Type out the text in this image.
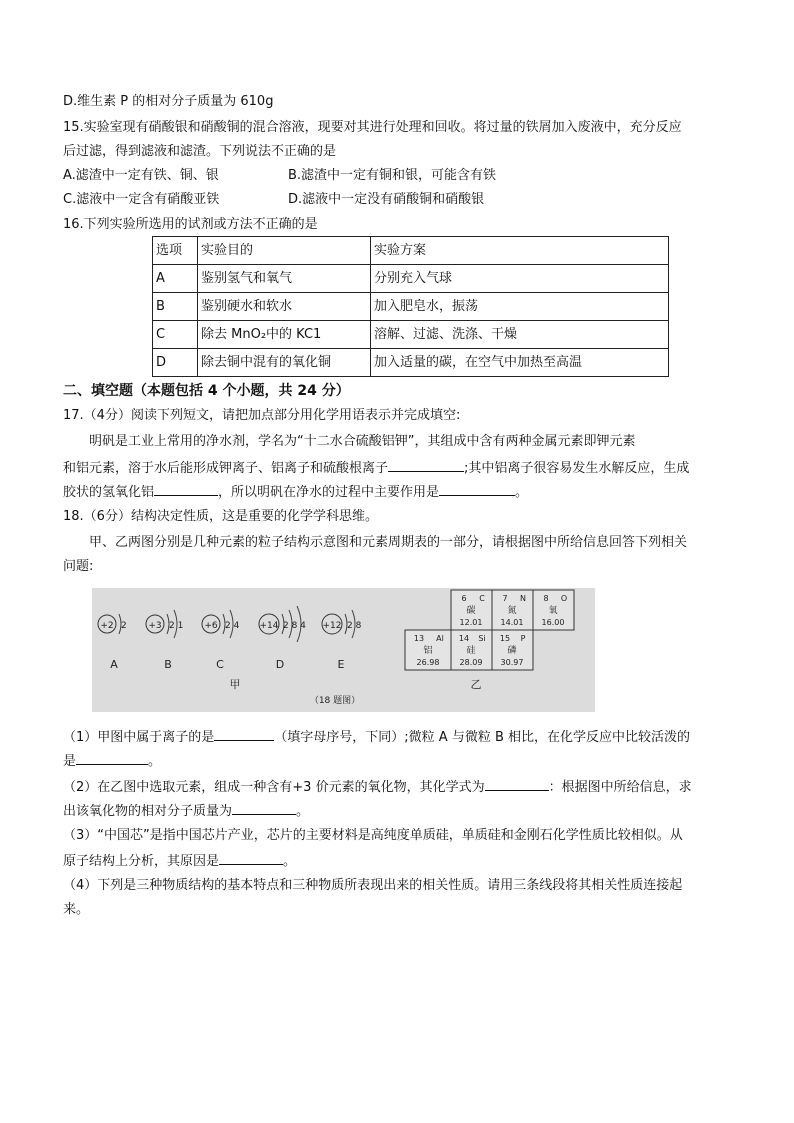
D.维生素 P 的相对分子质量为 610g
15.实验室现有硝酸银和硝酸铜的混合溶液，现要对其进行处理和回收。将过量的铁屑加入废液中，充分反应
后过滤，得到滤液和滤渣。下列说法不正确的是
A.滤渣中一定有铁、铜、银	B.滤渣中一定有铜和银，可能含有铁
C.滤液中一定含有硝酸亚铁	D.滤液中一定没有硝酸铜和硝酸银
16.下列实验所选用的试剂或方法不正确的是
选项	实验目的	实验方案
A	鉴别氢气和氧气	分别充入气球
B	鉴别硬水和软水	加入肥皂水，振荡
C	除去 MnO₂中的 KC1	溶解、过滤、洗涤、干燥
D	除去铜中混有的氧化铜	加入适量的碳，在空气中加热至高温
二、填空题（本题包括 4 个小题，共 24 分）
17.（4分）阅读下列短文，请把加点部分用化学用语表示并完成填空:
明矾是工业上常用的净水剂，学名为“十二水合硫酸铝钾”，其组成中含有两种金属元素即钾元素
和铝元素，溶于水后能形成钾离子、铝离子和硫酸根离子	;其中铝离子很容易发生水解反应，生成
胶状的氢氧化铝	，所以明矾在净水的过程中主要作用是	。
18.（6分）结构决定性质，这是重要的化学学科思维。
甲、乙两图分别是几种元素的粒子结构示意图和元素周期表的一部分，请根据图中所给信息回答下列相关
问题:
+2 2
A
+3 2 1
B
+6 2 4
C
+14 2 8 4
D
+12 2 8
E
甲
6 C
碳
12.01
7 N
氮
14.01
8 O
氧
16.00
13 Al
铝
26.98
14 Si
硅
28.09
15 P
磷
30.97
乙
（18 题图）
（1）甲图中属于离子的是	（填字母序号，下同）;微粒 A 与微粒 B 相比，在化学反应中比较活泼的
是	。
（2）在乙图中选取元素，组成一种含有+3 价元素的氧化物，其化学式为	：根据图中所给信息，求
出该氧化物的相对分子质量为	。
（3）“中国芯”是指中国芯片产业，芯片的主要材料是高纯度单质硅，单质硅和金刚石化学性质比较相似。从
原子结构上分析，其原因是	。
（4）下列是三种物质结构的基本特点和三种物质所表现出来的相关性质。请用三条线段将其相关性质连接起
来。
